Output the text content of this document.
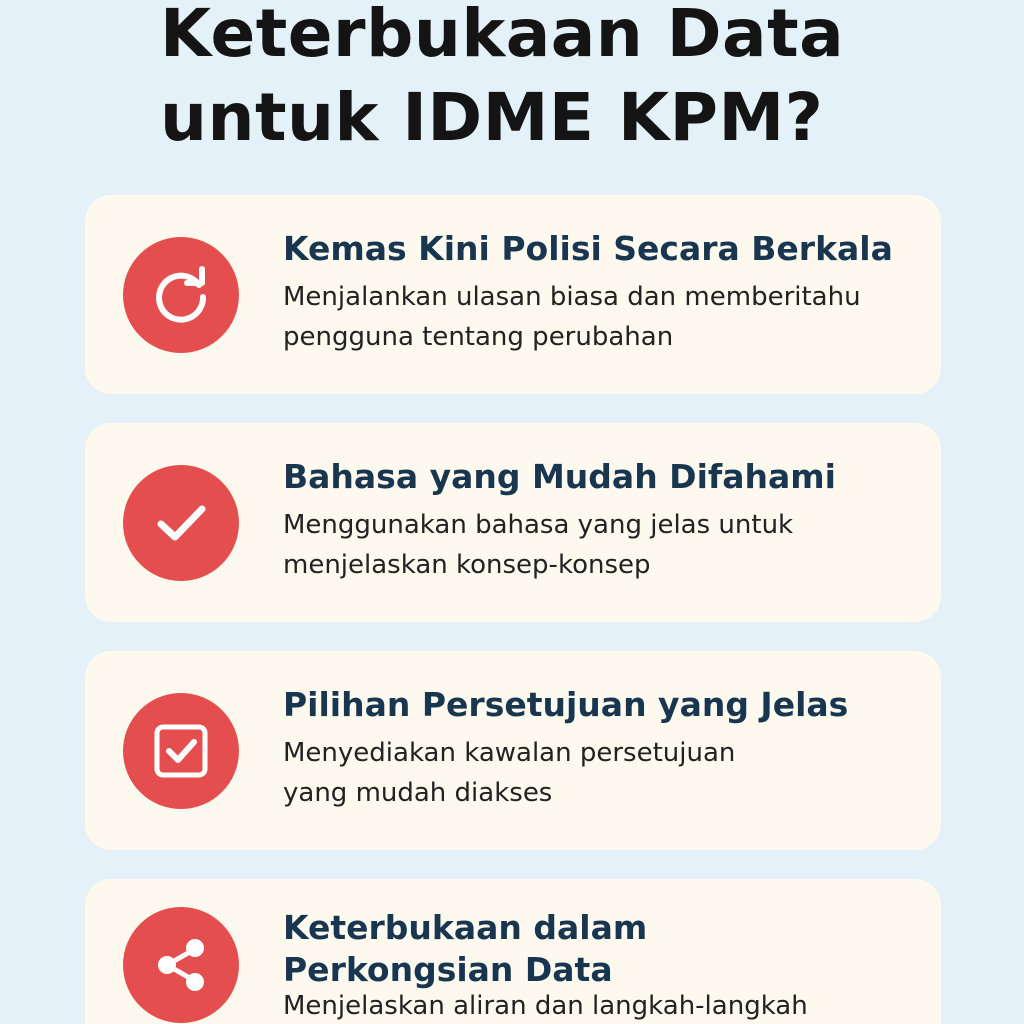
Keterbukaan Data
untuk IDME KPM?
Kemas Kini Polisi Secara Berkala
Menjalankan ulasan biasa dan memberitahu
pengguna tentang perubahan
Bahasa yang Mudah Difahami
Menggunakan bahasa yang jelas untuk
menjelaskan konsep-konsep
Pilihan Persetujuan yang Jelas
Menyediakan kawalan persetujuan
yang mudah diakses
Keterbukaan dalam
Perkongsian Data
Menjelaskan aliran dan langkah-langkah
